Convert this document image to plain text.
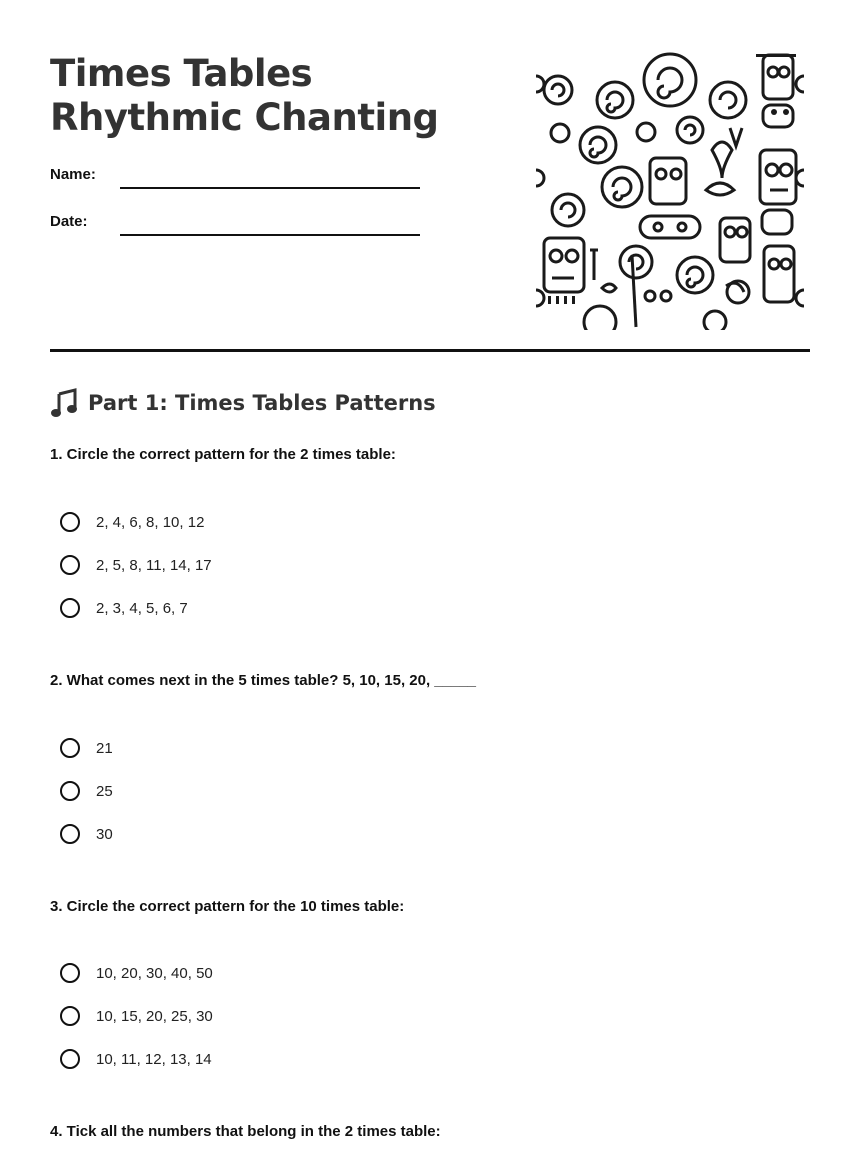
Times Tables Rhythmic Chanting
Name:
Date:
Part 1: Times Tables Patterns
1. Circle the correct pattern for the 2 times table:
2, 4, 6, 8, 10, 12
2, 5, 8, 11, 14, 17
2, 3, 4, 5, 6, 7
2. What comes next in the 5 times table? 5, 10, 15, 20, _____
21
25
30
3. Circle the correct pattern for the 10 times table:
10, 20, 30, 40, 50
10, 15, 20, 25, 30
10, 11, 12, 13, 14
4. Tick all the numbers that belong in the 2 times table:
